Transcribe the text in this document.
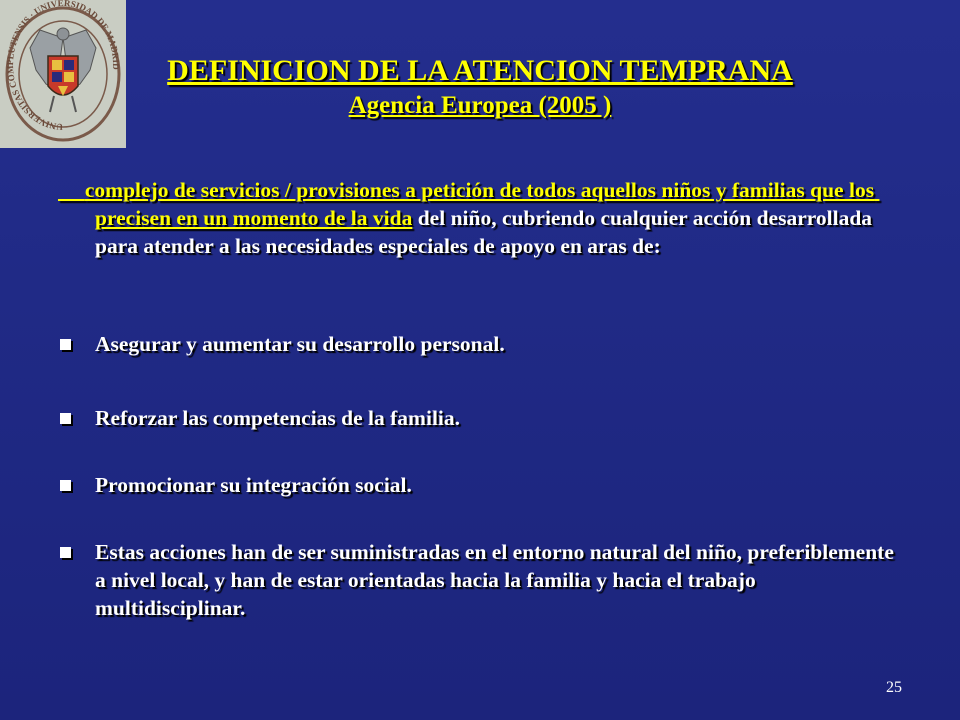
UNIVERSITAS COMPLUTENSIS · UNIVERSIDAD DE MADRID	DEFINICION DE LA ATENCION TEMPRANA
Agencia Europea (2005 )
complejo de servicios / provisiones a petición de todos aquellos niños y familias que los precisen en un momento de la vida del niño, cubriendo cualquier acción desarrollada para atender a las necesidades especiales de apoyo en aras de:
Asegurar y aumentar su desarrollo personal.
Reforzar las competencias de la familia.
Promocionar su integración social.
Estas acciones han de ser suministradas en el entorno natural del niño, preferiblemente a nivel local, y han de estar orientadas hacia la familia y hacia el trabajo multidisciplinar.
25
